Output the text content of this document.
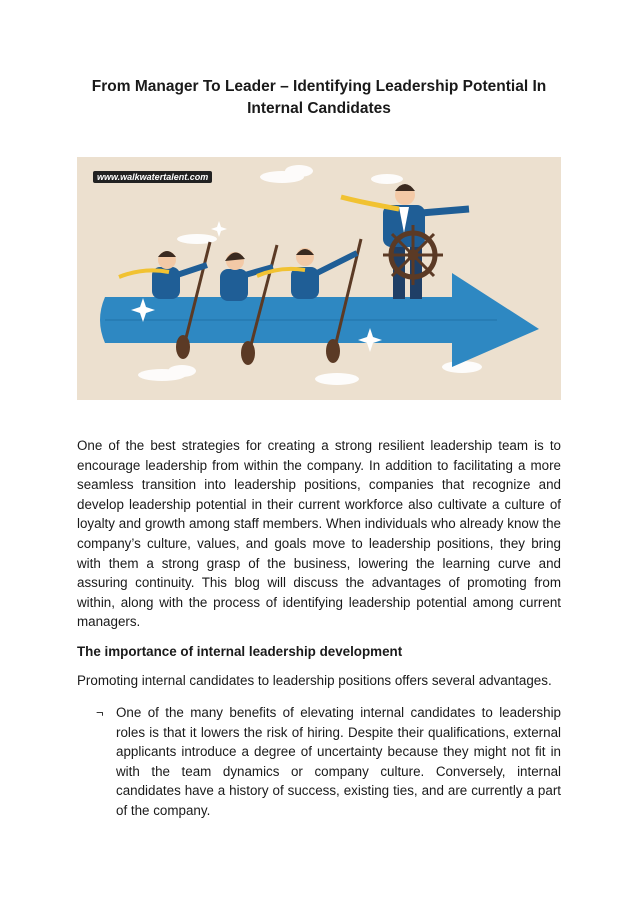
From Manager To Leader – Identifying Leadership Potential In Internal Candidates
www.walkwatertalent.com
One of the best strategies for creating a strong resilient leadership team is to encourage leadership from within the company. In addition to facilitating a more seamless transition into leadership positions, companies that recognize and develop leadership potential in their current workforce also cultivate a culture of loyalty and growth among staff members. When individuals who already know the company’s culture, values, and goals move to leadership positions, they bring with them a strong grasp of the business, lowering the learning curve and assuring continuity. This blog will discuss the advantages of promoting from within, along with the process of identifying leadership potential among current managers.
The importance of internal leadership development
Promoting internal candidates to leadership positions offers several advantages.
¬ One of the many benefits of elevating internal candidates to leadership roles is that it lowers the risk of hiring. Despite their qualifications, external applicants introduce a degree of uncertainty because they might not fit in with the team dynamics or company culture. Conversely, internal candidates have a history of success, existing ties, and are currently a part of the company.
